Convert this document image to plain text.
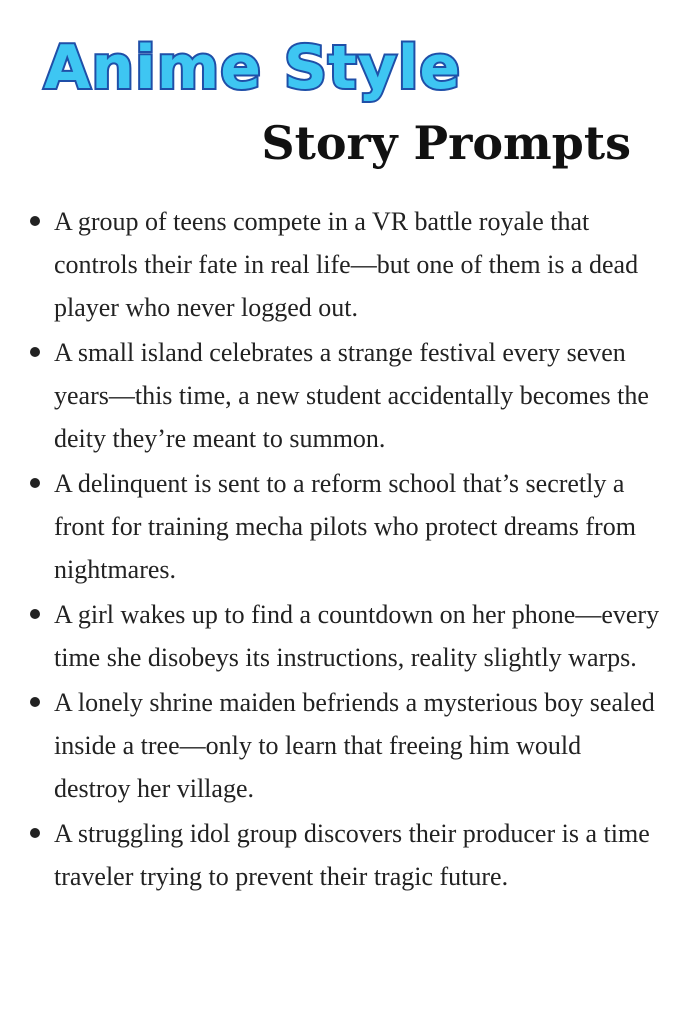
Anime Style
Story Prompts
A group of teens compete in a VR battle royale that controls their fate in real life—but one of them is a dead player who never logged out.
A small island celebrates a strange festival every seven years—this time, a new student accidentally becomes the deity they’re meant to summon.
A delinquent is sent to a reform school that’s secretly a front for training mecha pilots who protect dreams from nightmares.
A girl wakes up to find a countdown on her phone—every time she disobeys its instructions, reality slightly warps.
A lonely shrine maiden befriends a mysterious boy sealed inside a tree—only to learn that freeing him would destroy her village.
A struggling idol group discovers their producer is a time traveler trying to prevent their tragic future.
